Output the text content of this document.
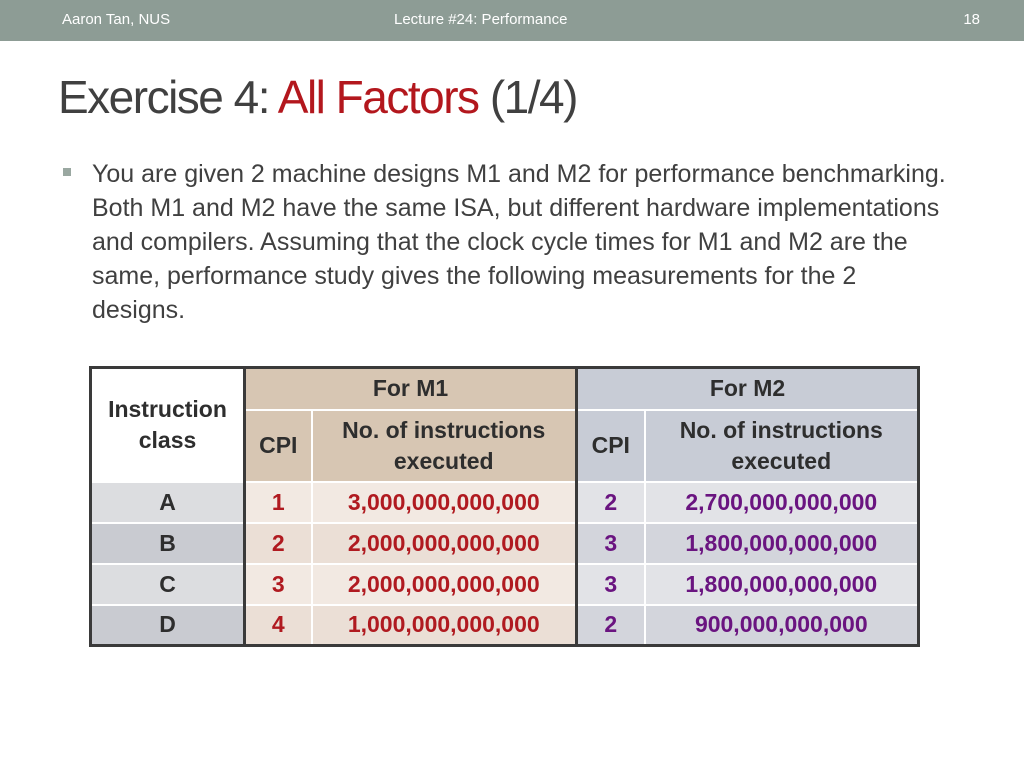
Aaron Tan, NUS	Lecture #24: Performance	18
Exercise 4: All Factors (1/4)
You are given 2 machine designs M1 and M2 for performance benchmarking. Both M1 and M2 have the same ISA, but different hardware implementations and compilers. Assuming that the clock cycle times for M1 and M2 are the same, performance study gives the following measurements for the 2 designs.
Instruction class	For M1		For M2	
	CPI	No. of instructions executed	CPI	No. of instructions executed
A	1	3,000,000,000,000	2	2,700,000,000,000
B	2	2,000,000,000,000	3	1,800,000,000,000
C	3	2,000,000,000,000	3	1,800,000,000,000
D	4	1,000,000,000,000	2	900,000,000,000
